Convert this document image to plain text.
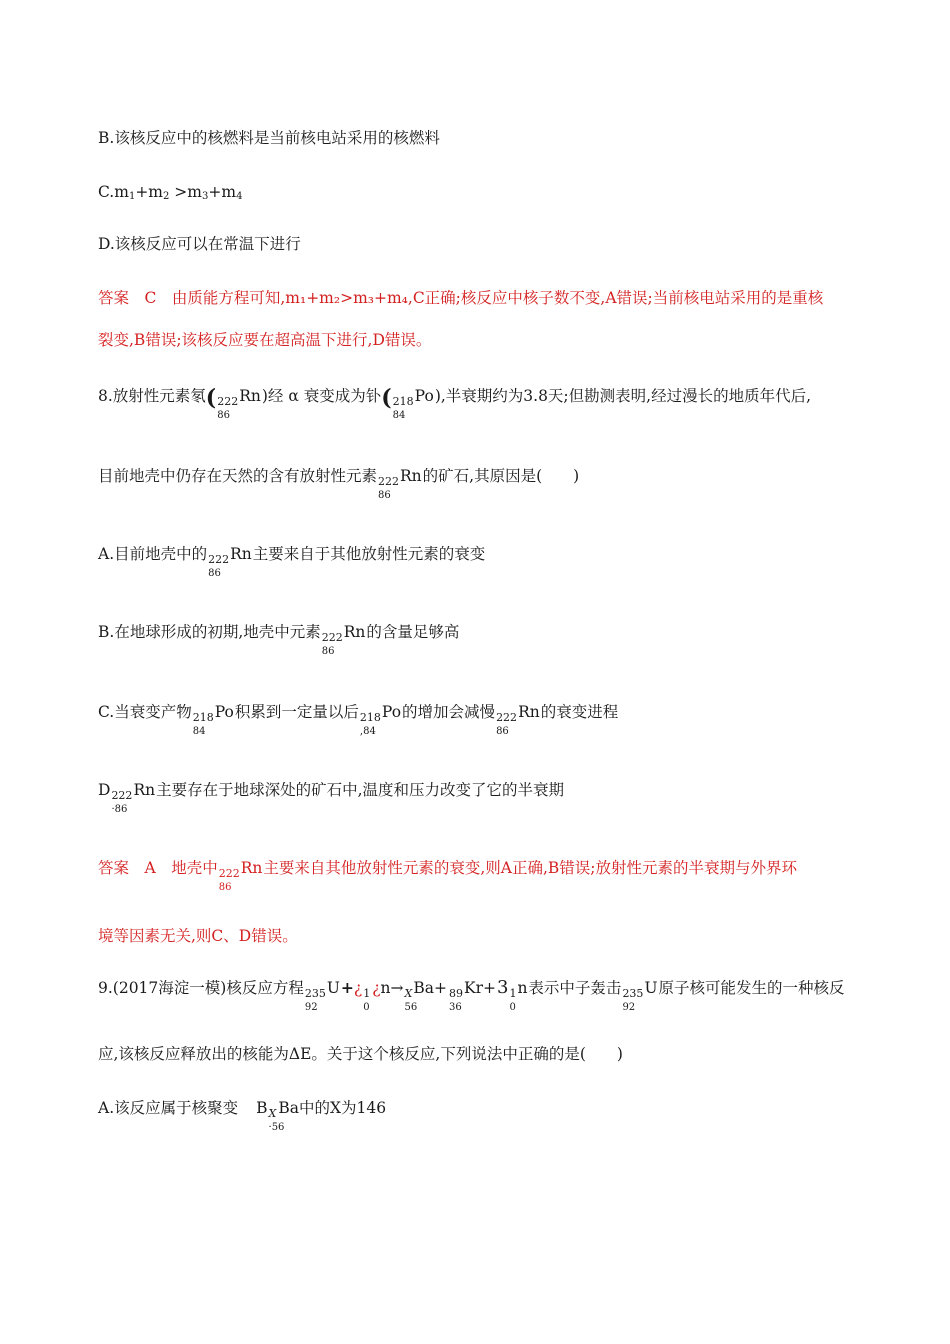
B.该核反应中的核燃料是当前核电站采用的核燃料
$C.m_1+m_2 >m_3+m_4$
D.该核反应可以在常温下进行
答案　C　由质能方程可知,m₁+m₂>m₃+m₄,C正确;核反应中核子数不变,A错误;当前核电站采用的是重核
裂变,B错误;该核反应要在超高温下进行,D错误。
8.放射性元素氡($_{222}Rn$
86
)经 α 衰变成为钋($_{218}Po$
84
),半衰期约为3.8天;但勘测表明,经过漫长的地质年代后,
目前地壳中仍存在天然的含有放射性元素$_{222}$Rn
86
的矿石,其原因是(　　)
A.目前地壳中的$_{222}$Rn
86
主要来自于其他放射性元素的衰变
B.在地球形成的初期,地壳中元素$_{222}$Rn
86
的含量足够高
C.当衰变产物$_{218}$Po
84
积累到一定量以后$_{218}$Po
,84
的增加会减慢$_{222}$Rn
86
的衰变进程
$D_{222}Rn$
·86
主要存在于地球深处的矿石中,温度和压力改变了它的半衰期
答案　A　地壳中$_{222}$Rn
86
主要来自其他放射性元素的衰变,则A正确,B错误;放射性元素的半衰期与外界环
境等因素无关,则C、D错误。
9.(2017海淀一模)核反应方程$_{235}$U
92
$+¿_1$
0
¿$n\to_XBa+$
56
$_{89}$Kr+
36
$3_1n$
0
表示中子轰击$_{235}$U
92
原子核可能发生的一种核反
应,该核反应释放出的核能为ΔE。关于这个核反应,下列说法中正确的是(　　)
A.该反应属于核聚变 $B_X$
·56
Ba中的X为146
